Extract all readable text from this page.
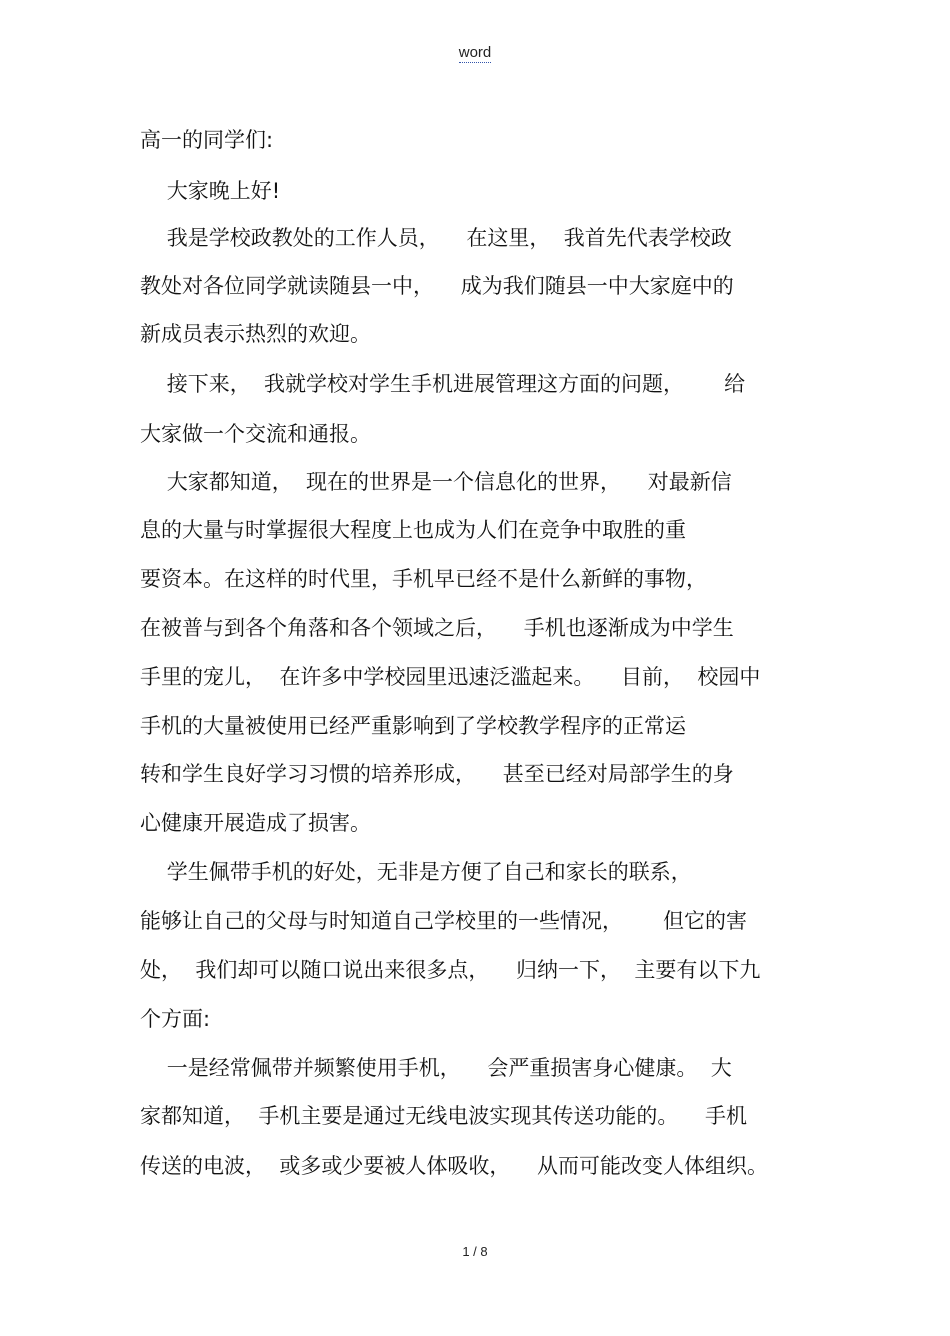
word
高一的同学们:
大家晚上好!
我是学校政教处的工作人员，    在这里，  我首先代表学校政
教处对各位同学就读随县一中，    成为我们随县一中大家庭中的
新成员表示热烈的欢迎。
接下来，  我就学校对学生手机进展管理这方面的问题，      给
大家做一个交流和通报。
大家都知道，  现在的世界是一个信息化的世界，    对最新信
息的大量与时掌握很大程度上也成为人们在竞争中取胜的重
要资本。在这样的时代里，手机早已经不是什么新鲜的事物，
在被普与到各个角落和各个领域之后，    手机也逐渐成为中学生
手里的宠儿，  在许多中学校园里迅速泛滥起来。    目前，  校园中
手机的大量被使用已经严重影响到了学校教学程序的正常运
转和学生良好学习习惯的培养形成，    甚至已经对局部学生的身
心健康开展造成了损害。
学生佩带手机的好处，无非是方便了自己和家长的联系，
能够让自己的父母与时知道自己学校里的一些情况，      但它的害
处，  我们却可以随口说出来很多点，    归纳一下，  主要有以下九
个方面:
一是经常佩带并频繁使用手机，    会严重损害身心健康。  大
家都知道，  手机主要是通过无线电波实现其传送功能的。    手机
传送的电波，  或多或少要被人体吸收，    从而可能改变人体组织。
1 / 8
